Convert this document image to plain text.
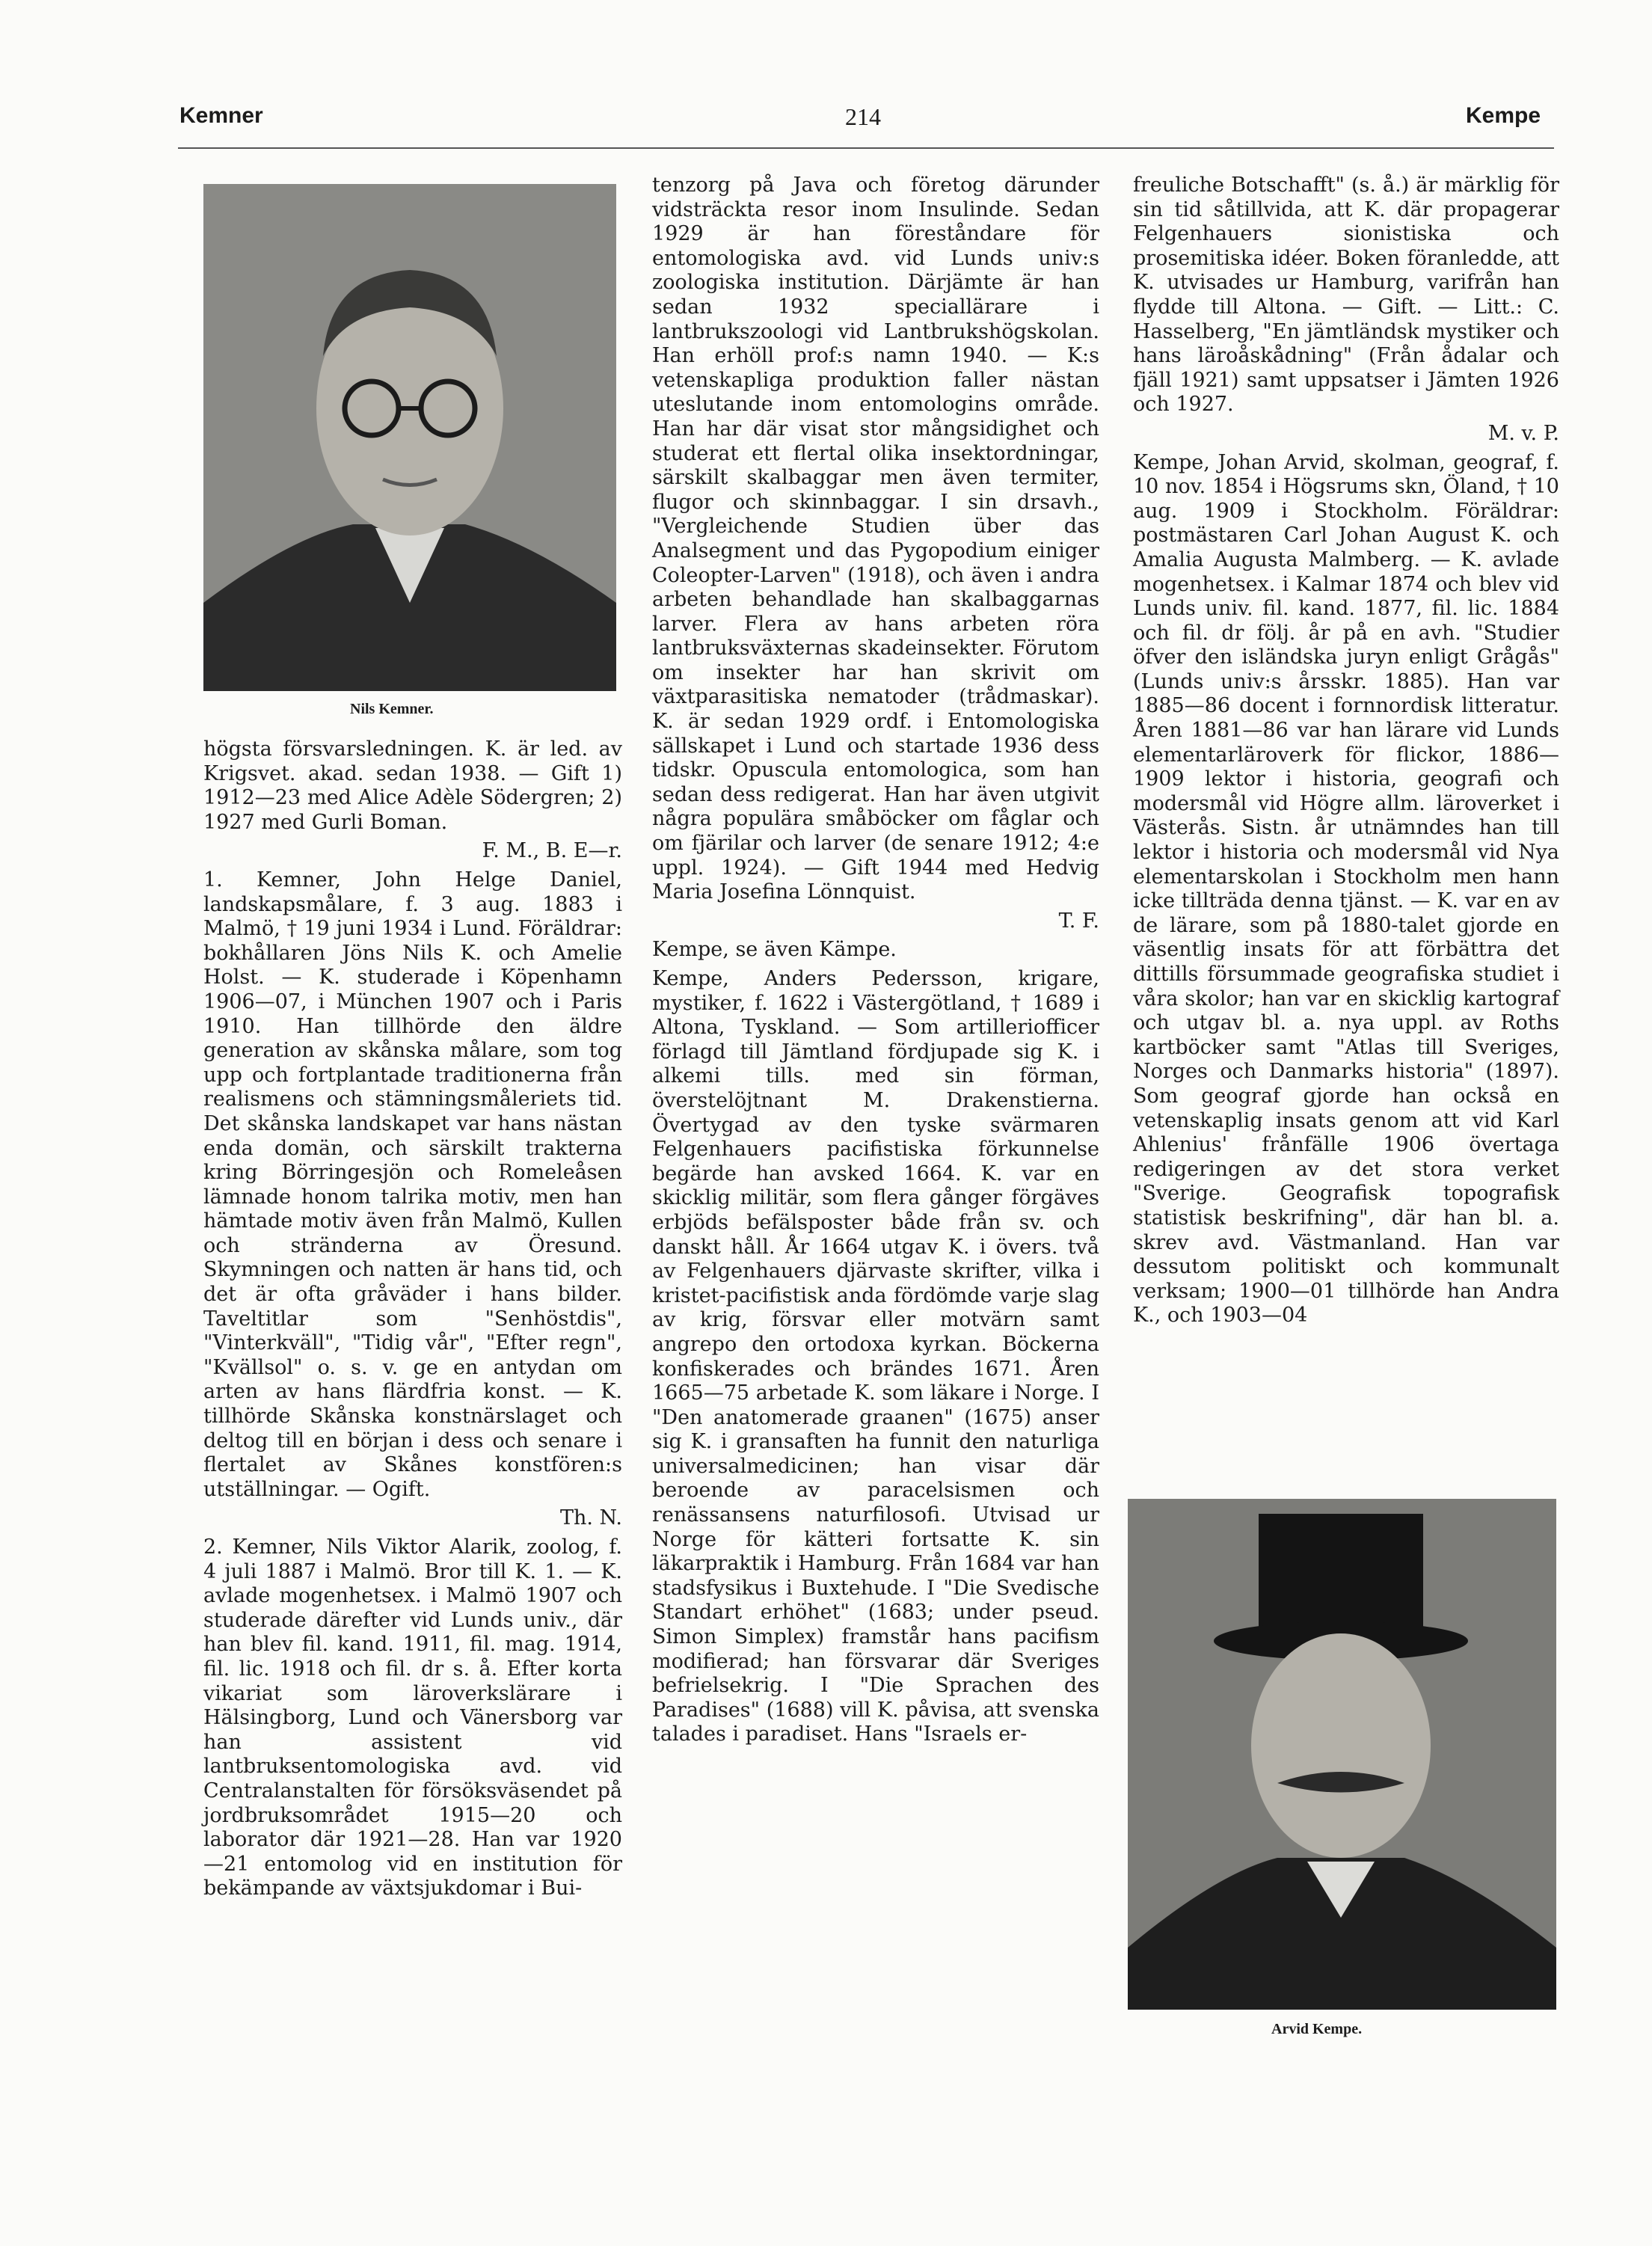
Kemner	214	Kempe
Nils Kemner.

högsta försvarsledningen. K. är led. av Krigsvet. akad. sedan 1938. — Gift 1) 1912—23 med Alice Adèle Södergren; 2) 1927 med Gurli Boman.

F. M., B. E—r.

1. Kemner, John Helge Daniel, landskapsmålare, f. 3 aug. 1883 i Malmö, † 19 juni 1934 i Lund. Föräldrar: bokhållaren Jöns Nils K. och Amelie Holst. — K. studerade i Köpenhamn 1906—07, i München 1907 och i Paris 1910. Han tillhörde den äldre generation av skånska målare, som tog upp och fortplantade traditionerna från realismens och stämningsmåleriets tid. Det skånska landskapet var hans nästan enda domän, och särskilt trakterna kring Börringesjön och Romeleåsen lämnade honom talrika motiv, men han hämtade motiv även från Malmö, Kullen och stränderna av Öresund. Skymningen och natten är hans tid, och det är ofta gråväder i hans bilder. Taveltitlar som "Senhöstdis", "Vinterkväll", "Tidig vår", "Efter regn", "Kvällsol" o. s. v. ge en antydan om arten av hans flärdfria konst. — K. tillhörde Skånska konstnärslaget och deltog till en början i dess och senare i flertalet av Skånes konstfören:s utställningar. — Ogift.

Th. N.

2. Kemner, Nils Viktor Alarik, zoolog, f. 4 juli 1887 i Malmö. Bror till K. 1. — K. avlade mogenhetsex. i Malmö 1907 och studerade därefter vid Lunds univ., där han blev fil. kand. 1911, fil. mag. 1914, fil. lic. 1918 och fil. dr s. å. Efter korta vikariat som läroverkslärare i Hälsingborg, Lund och Vänersborg var han assistent vid lantbruksentomologiska avd. vid Centralanstalten för försöksväsendet på jordbruksområdet 1915—20 och laborator där 1921—28. Han var 1920 —21 entomolog vid en institution för bekämpande av växtsjukdomar i Bui-

tenzorg på Java och företog därunder vidsträckta resor inom Insulinde. Sedan 1929 är han föreståndare för entomologiska avd. vid Lunds univ:s zoologiska institution. Därjämte är han sedan 1932 speciallärare i lantbrukszoologi vid Lantbrukshögskolan. Han erhöll prof:s namn 1940. — K:s vetenskapliga produktion faller nästan uteslutande inom entomologins område. Han har där visat stor mångsidighet och studerat ett flertal olika insektordningar, särskilt skalbaggar men även termiter, flugor och skinnbaggar. I sin drsavh., "Vergleichende Studien über das Analsegment und das Pygopodium einiger Coleopter-Larven" (1918), och även i andra arbeten behandlade han skalbaggarnas larver. Flera av hans arbeten röra lantbruksväxternas skadeinsekter. Förutom om insekter har han skrivit om växtparasitiska nematoder (trådmaskar). K. är sedan 1929 ordf. i Entomologiska sällskapet i Lund och startade 1936 dess tidskr. Opuscula entomologica, som han sedan dess redigerat. Han har även utgivit några populära småböcker om fåglar och om fjärilar och larver (de senare 1912; 4:e uppl. 1924). — Gift 1944 med Hedvig Maria Josefina Lönnquist.

T. F.

Kempe, se även Kämpe.

Kempe, Anders Pedersson, krigare, mystiker, f. 1622 i Västergötland, † 1689 i Altona, Tyskland. — Som artilleriofficer förlagd till Jämtland fördjupade sig K. i alkemi tills. med sin förman, överstelöjtnant M. Drakenstierna. Övertygad av den tyske svärmaren Felgenhauers pacifistiska förkunnelse begärde han avsked 1664. K. var en skicklig militär, som flera gånger förgäves erbjöds befälsposter både från sv. och danskt håll. År 1664 utgav K. i övers. två av Felgenhauers djärvaste skrifter, vilka i kristet-pacifistisk anda fördömde varje slag av krig, försvar eller motvärn samt angrepo den ortodoxa kyrkan. Böckerna konfiskerades och brändes 1671. Åren 1665—75 arbetade K. som läkare i Norge. I "Den anatomerade graanen" (1675) anser sig K. i gransaften ha funnit den naturliga universalmedicinen; han visar där beroende av paracelsismen och renässansens naturfilosofi. Utvisad ur Norge för kätteri fortsatte K. sin läkarpraktik i Hamburg. Från 1684 var han stadsfysikus i Buxtehude. I "Die Svedische Standart erhöhet" (1683; under pseud. Simon Simplex) framstår hans pacifism modifierad; han försvarar där Sveriges befrielsekrig. I "Die Sprachen des Paradises" (1688) vill K. påvisa, att svenska talades i paradiset. Hans "Israels er-

freuliche Botschafft" (s. å.) är märklig för sin tid såtillvida, att K. där propagerar Felgenhauers sionistiska och prosemitiska idéer. Boken föranledde, att K. utvisades ur Hamburg, varifrån han flydde till Altona. — Gift. — Litt.: C. Hasselberg, "En jämtländsk mystiker och hans läroåskådning" (Från ådalar och fjäll 1921) samt uppsatser i Jämten 1926 och 1927.

M. v. P.

Kempe, Johan Arvid, skolman, geograf, f. 10 nov. 1854 i Högsrums skn, Öland, † 10 aug. 1909 i Stockholm. Föräldrar: postmästaren Carl Johan August K. och Amalia Augusta Malmberg. — K. avlade mogenhetsex. i Kalmar 1874 och blev vid Lunds univ. fil. kand. 1877, fil. lic. 1884 och fil. dr följ. år på en avh. "Studier öfver den isländska juryn enligt Grågås" (Lunds univ:s årsskr. 1885). Han var 1885—86 docent i fornnordisk litteratur. Åren 1881—86 var han lärare vid Lunds elementarläroverk för flickor, 1886—1909 lektor i historia, geografi och modersmål vid Högre allm. läroverket i Västerås. Sistn. år utnämndes han till lektor i historia och modersmål vid Nya elementarskolan i Stockholm men hann icke tillträda denna tjänst. — K. var en av de lärare, som på 1880-talet gjorde en väsentlig insats för att förbättra det dittills försummade geografiska studiet i våra skolor; han var en skicklig kartograf och utgav bl. a. nya uppl. av Roths kartböcker samt "Atlas till Sveriges, Norges och Danmarks historia" (1897). Som geograf gjorde han också en vetenskaplig insats genom att vid Karl Ahlenius' frånfälle 1906 övertaga redigeringen av det stora verket "Sverige. Geografisk topografisk statistisk beskrifning", där han bl. a. skrev avd. Västmanland. Han var dessutom politiskt och kommunalt verksam; 1900—01 tillhörde han Andra K., och 1903—04

Arvid Kempe.
